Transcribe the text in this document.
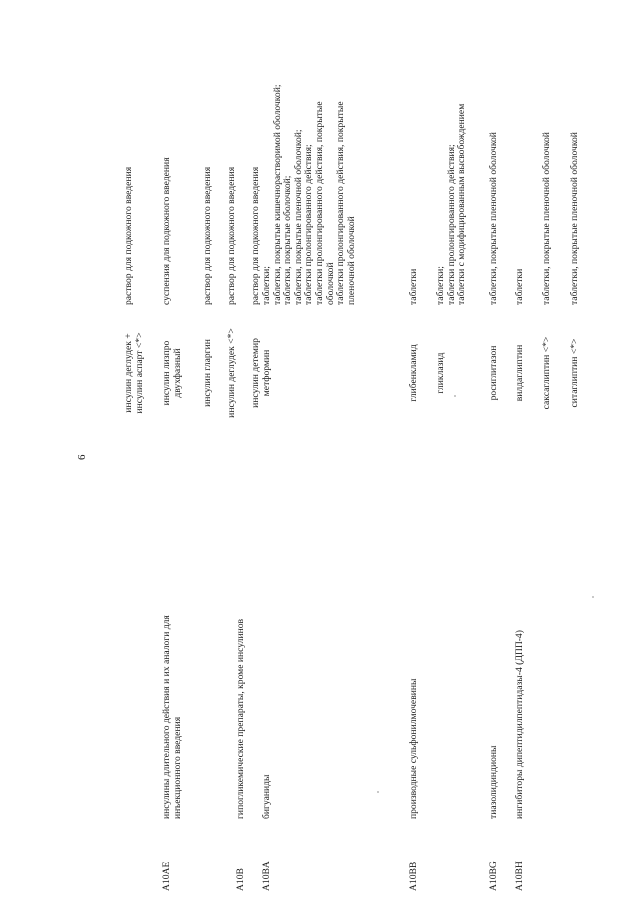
6
инсулин деглудек + инсулин аспарт <*>
раствор для подкожного введения
инсулин лизпро двухфазный
суспензия для подкожного введения
A10AE
инсулины длительного действия и их аналоги для инъекционного введения
инсулин гларгин
раствор для подкожного введения
инсулин деглудек <*>
раствор для подкожного введения
инсулин детемир
раствор для подкожного введения
A10B
гипогликемические препараты, кроме инсулинов
A10BA
бигуаниды
метформин
таблетки; таблетки, покрытые кишечнорастворимой оболочкой; таблетки, покрытые оболочкой; таблетки, покрытые пленочной оболочкой; таблетки пролонгированного действия; таблетки пролонгированного действия, покрытые оболочкой таблетки пролонгированного действия, покрытые пленочной оболочкой
A10BB
производные сульфонилмочевины
глибенкламид
таблетки
гликлазид
таблетки; таблетки пролонгированного действия; таблетки с модифицированным высвобождением
A10BG
тиазолидиндионы
росиглитазон
таблетки, покрытые пленочной оболочкой
A10BH
ингибиторы дипептидилпептидазы-4 (ДПП-4)
вилдаглиптин
таблетки
саксаглиптин <*>
таблетки, покрытые пленочной оболочкой
ситаглиптин <*>
таблетки, покрытые пленочной оболочкой
